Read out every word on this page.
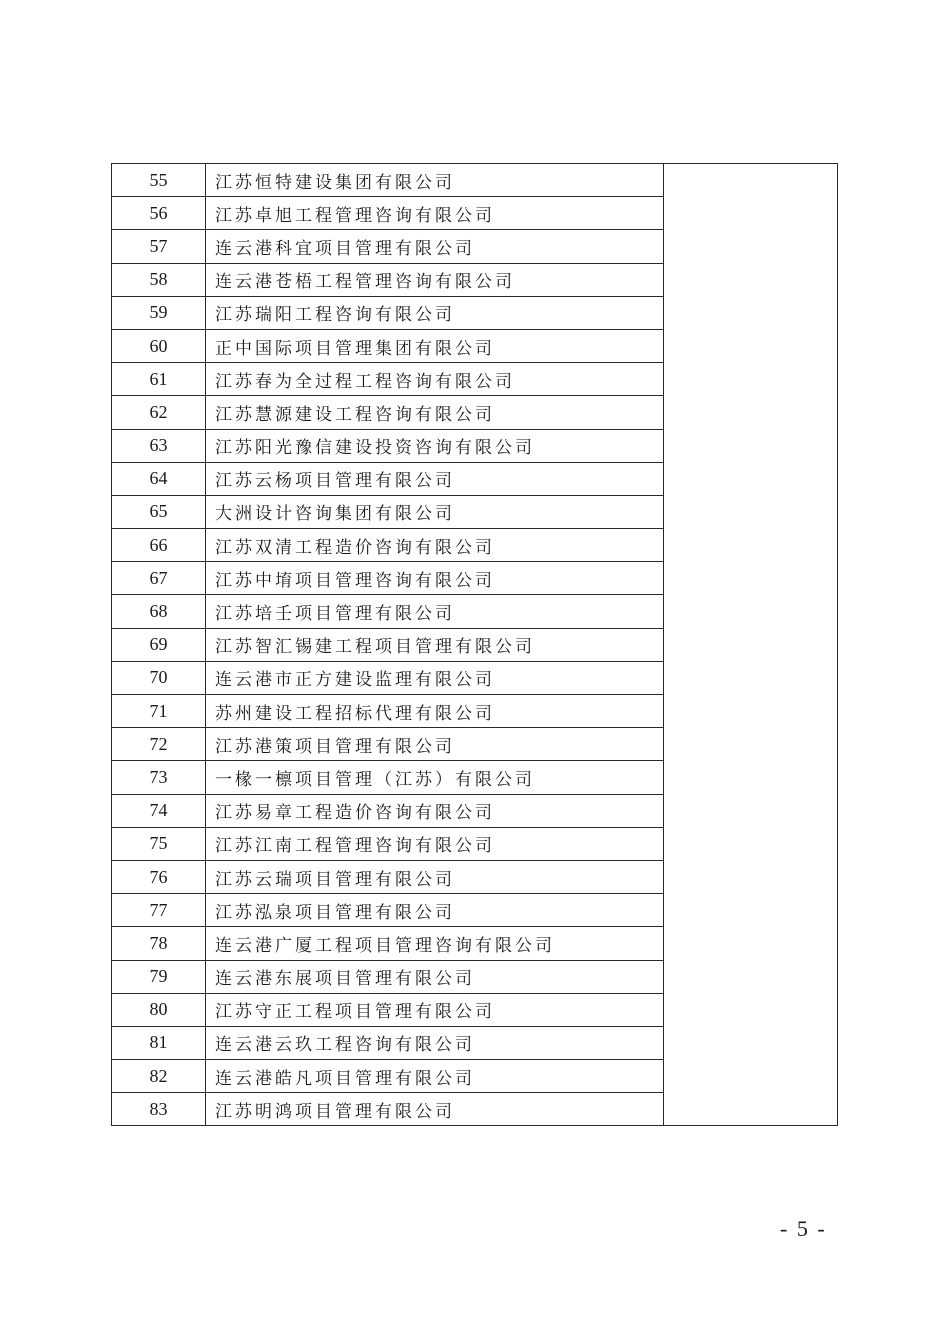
55	江苏恒特建设集团有限公司	
56	江苏卓旭工程管理咨询有限公司	
57	连云港科宜项目管理有限公司	
58	连云港苍梧工程管理咨询有限公司	
59	江苏瑞阳工程咨询有限公司	
60	正中国际项目管理集团有限公司	
61	江苏春为全过程工程咨询有限公司	
62	江苏慧源建设工程咨询有限公司	
63	江苏阳光豫信建设投资咨询有限公司	
64	江苏云杨项目管理有限公司	
65	大洲设计咨询集团有限公司	
66	江苏双清工程造价咨询有限公司	
67	江苏中堉项目管理咨询有限公司	
68	江苏培壬项目管理有限公司	
69	江苏智汇锡建工程项目管理有限公司	
70	连云港市正方建设监理有限公司	
71	苏州建设工程招标代理有限公司	
72	江苏港策项目管理有限公司	
73	一椽一檩项目管理（江苏）有限公司	
74	江苏易章工程造价咨询有限公司	
75	江苏江南工程管理咨询有限公司	
76	江苏云瑞项目管理有限公司	
77	江苏泓泉项目管理有限公司	
78	连云港广厦工程项目管理咨询有限公司	
79	连云港东展项目管理有限公司	
80	江苏守正工程项目管理有限公司	
81	连云港云玖工程咨询有限公司	
82	连云港皓凡项目管理有限公司	
83	江苏明鸿项目管理有限公司	
- 5 -
